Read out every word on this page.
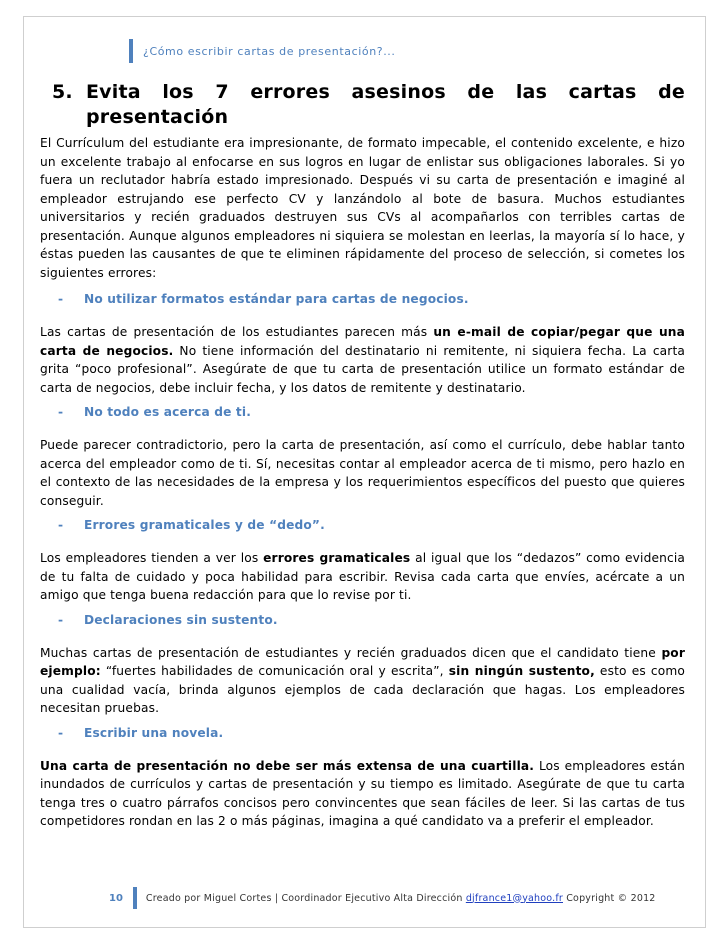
¿Cómo escribir cartas de presentación?...
5. Evita los 7 errores asesinos de las cartas de
presentación

El Currículum del estudiante era impresionante, de formato impecable, el contenido excelente, e hizo un excelente trabajo al enfocarse en sus logros en lugar de enlistar sus obligaciones laborales. Si yo fuera un reclutador habría estado impresionado. Después vi su carta de presentación e imaginé al empleador estrujando ese perfecto CV y lanzándolo al bote de basura. Muchos estudiantes universitarios y recién graduados destruyen sus CVs al acompañarlos con terribles cartas de presentación. Aunque algunos empleadores ni siquiera se molestan en leerlas, la mayoría sí lo hace, y éstas pueden las causantes de que te eliminen rápidamente del proceso de selección, si cometes los siguientes errores:

-	No utilizar formatos estándar para cartas de negocios.

Las cartas de presentación de los estudiantes parecen más un e-mail de copiar/pegar que una carta de negocios. No tiene información del destinatario ni remitente, ni siquiera fecha. La carta grita “poco profesional”. Asegúrate de que tu carta de presentación utilice un formato estándar de carta de negocios, debe incluir fecha, y los datos de remitente y destinatario.

-	No todo es acerca de ti.

Puede parecer contradictorio, pero la carta de presentación, así como el currículo, debe hablar tanto acerca del empleador como de ti. Sí, necesitas contar al empleador acerca de ti mismo, pero hazlo en el contexto de las necesidades de la empresa y los requerimientos específicos del puesto que quieres conseguir.

-	Errores gramaticales y de “dedo”.

Los empleadores tienden a ver los errores gramaticales al igual que los “dedazos” como evidencia de tu falta de cuidado y poca habilidad para escribir. Revisa cada carta que envíes, acércate a un amigo que tenga buena redacción para que lo revise por ti.

-	Declaraciones sin sustento.

Muchas cartas de presentación de estudiantes y recién graduados dicen que el candidato tiene por ejemplo: “fuertes habilidades de comunicación oral y escrita”, sin ningún sustento, esto es como una cualidad vacía, brinda algunos ejemplos de cada declaración que hagas. Los empleadores necesitan pruebas.

-	Escribir una novela.

Una carta de presentación no debe ser más extensa de una cuartilla. Los empleadores están inundados de currículos y cartas de presentación y su tiempo es limitado. Asegúrate de que tu carta tenga tres o cuatro párrafos concisos pero convincentes que sean fáciles de leer. Si las cartas de tus competidores rondan en las 2 o más páginas, imagina a qué candidato va a preferir el empleador.

10 Creado por Miguel Cortes | Coordinador Ejecutivo Alta Dirección djfrance1@yahoo.fr Copyright © 2012
